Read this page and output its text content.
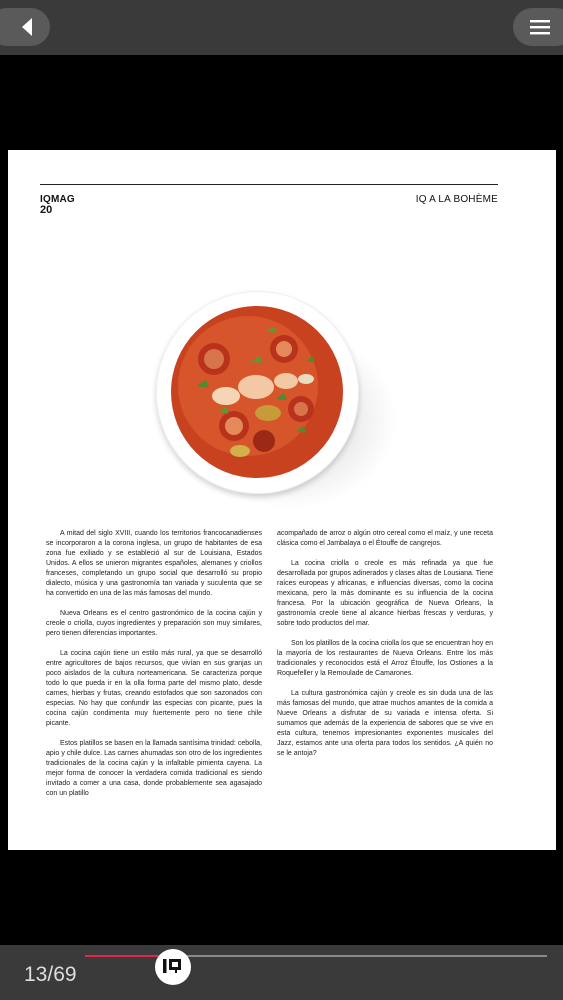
IQMAG
20
IQ A LA BOHÈME

A mitad del siglo XVIII, cuando los territorios francocanadienses se incorporaron a la corona inglesa, un grupo de habitantes de esa zona fue exiliado y se estableció al sur de Louisiana, Estados Unidos. A ellos se unieron migrantes españoles, alemanes y criollos franceses, completando un grupo social que desarrolló su propio dialecto, música y una gastronomía tan variada y suculenta que se ha convertido en una de las más famosas del mundo.

Nueva Orleans es el centro gastronómico de la cocina cajún y creole o criolla, cuyos ingredientes y preparación son muy similares, pero tienen diferencias importantes.

La cocina cajún tiene un estilo más rural, ya que se desarrolló entre agricultores de bajos recursos, que vivían en sus granjas un poco aislados de la cultura norteamericana. Se caracteriza porque todo lo que pueda ir en la olla forma parte del mismo plato, desde carnes, hierbas y frutas, creando estofados que son sazonados con especias. No hay que confundir las especias con picante, pues la cocina cajún condimenta muy fuertemente pero no tiene chile picante.

Estos platillos se basen en la llamada santísima trinidad: cebolla, apio y chile dulce. Las carnes ahumadas son otro de los ingredientes tradicionales de la cocina cajún y la infaltable pimienta cayena. La mejor forma de conocer la verdadera comida tradicional es siendo invitado a comer a una casa, donde probablemente sea agasajado con un platillo

acompañado de arroz o algún otro cereal como el maíz, y une receta clásica como el Jambalaya o el Étouffe de cangrejos.

La cocina criolla o creole es más refinada ya que fue desarrollada por grupos adinerados y clases altas de Lousiana. Tiene raíces europeas y africanas, e influencias diversas, como la cocina mexicana, pero la más dominante es su influencia de la cocina francesa. Por la ubicación geográfica de Nueva Orleans, la gastronomía creole tiene al alcance hierbas frescas y verduras, y sobre todo productos del mar.

Son los platillos de la cocina criolla los que se encuentran hoy en la mayoría de los restaurantes de Nueva Orleans. Entre los más tradicionales y reconocidos está el Arroz Étouffe, los Ostiones a la Roquefeller y la Remoulade de Camarones.

La cultura gastronómica cajún y creole es sin duda una de las más famosas del mundo, que atrae muchos amantes de la comida a Nueve Orleans a disfrutar de su variada e intensa oferta. Si sumamos que además de la experiencia de sabores que se vive en esta cultura, tenemos impresionantes exponentes musicales del Jazz, estamos ante una oferta para todos los sentidos. ¿A quién no se le antoja?

13/69
